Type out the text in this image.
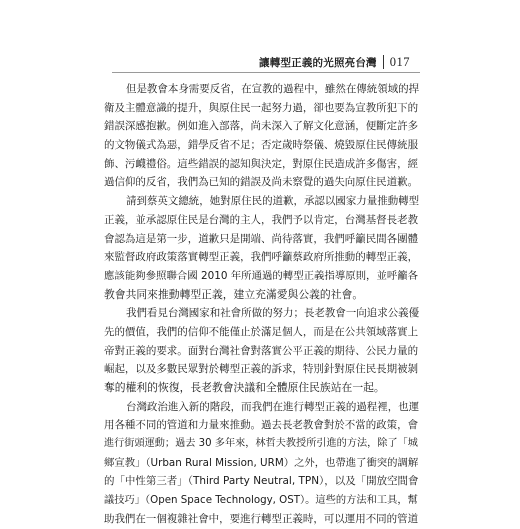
讓轉型正義的光照亮台灣 017

但是教會本身需要反省，在宣教的過程中，雖然在傳統領域的捍
衛及主體意識的提升，與原住民一起努力過，卻也要為宣教所犯下的
錯誤深感抱歉。例如進入部落，尚未深入了解文化意涵，便斷定許多
的文物儀式為惡，錯學反省不足；否定歲時祭儀、燒毀原住民傳統服
飾、污衊禮俗。這些錯誤的認知與決定，對原住民造成許多傷害，經
過信仰的反省，我們為已知的錯誤及尚未察覺的過失向原住民道歉。

請到蔡英文總統，她對原住民的道歉，承認以國家力量推動轉型
正義，並承認原住民是台灣的主人，我們予以肯定，台灣基督長老教
會認為這是第一步，道歉只是開端、尚待落實，我們呼籲民間各團體
來監督政府政策落實轉型正義，我們呼籲蔡政府所推動的轉型正義，
應該能夠參照聯合國 2010 年所通過的轉型正義指導原則，並呼籲各
教會共同來推動轉型正義，建立充滿愛與公義的社會。

我們看見台灣國家和社會所做的努力；長老教會一向追求公義優
先的價值，我們的信仰不能僅止於滿足個人，而是在公共領域落實上
帝對正義的要求。面對台灣社會對落實公平正義的期待、公民力量的
崛起，以及多數民眾對於轉型正義的訴求，特別針對原住民長期被剝
奪的權利的恢復，長老教會決議和全體原住民族站在一起。

台灣政治進入新的階段，而我們在進行轉型正義的過程裡，也運
用各種不同的管道和力量來推動。過去長老教會對於不當的政策，會
進行街頭運動；過去 30 多年來，林哲夫教授所引進的方法，除了「城
鄉宣教」（Urban Rural Mission, URM）之外，也帶進了衝突的調解
的「中性第三者」（Third Party Neutral, TPN），以及「開放空間會
議技巧」（Open Space Technology, OST）。這些的方法和工具，幫
助我們在一個複雜社會中，要進行轉型正義時，可以運用不同的管道
